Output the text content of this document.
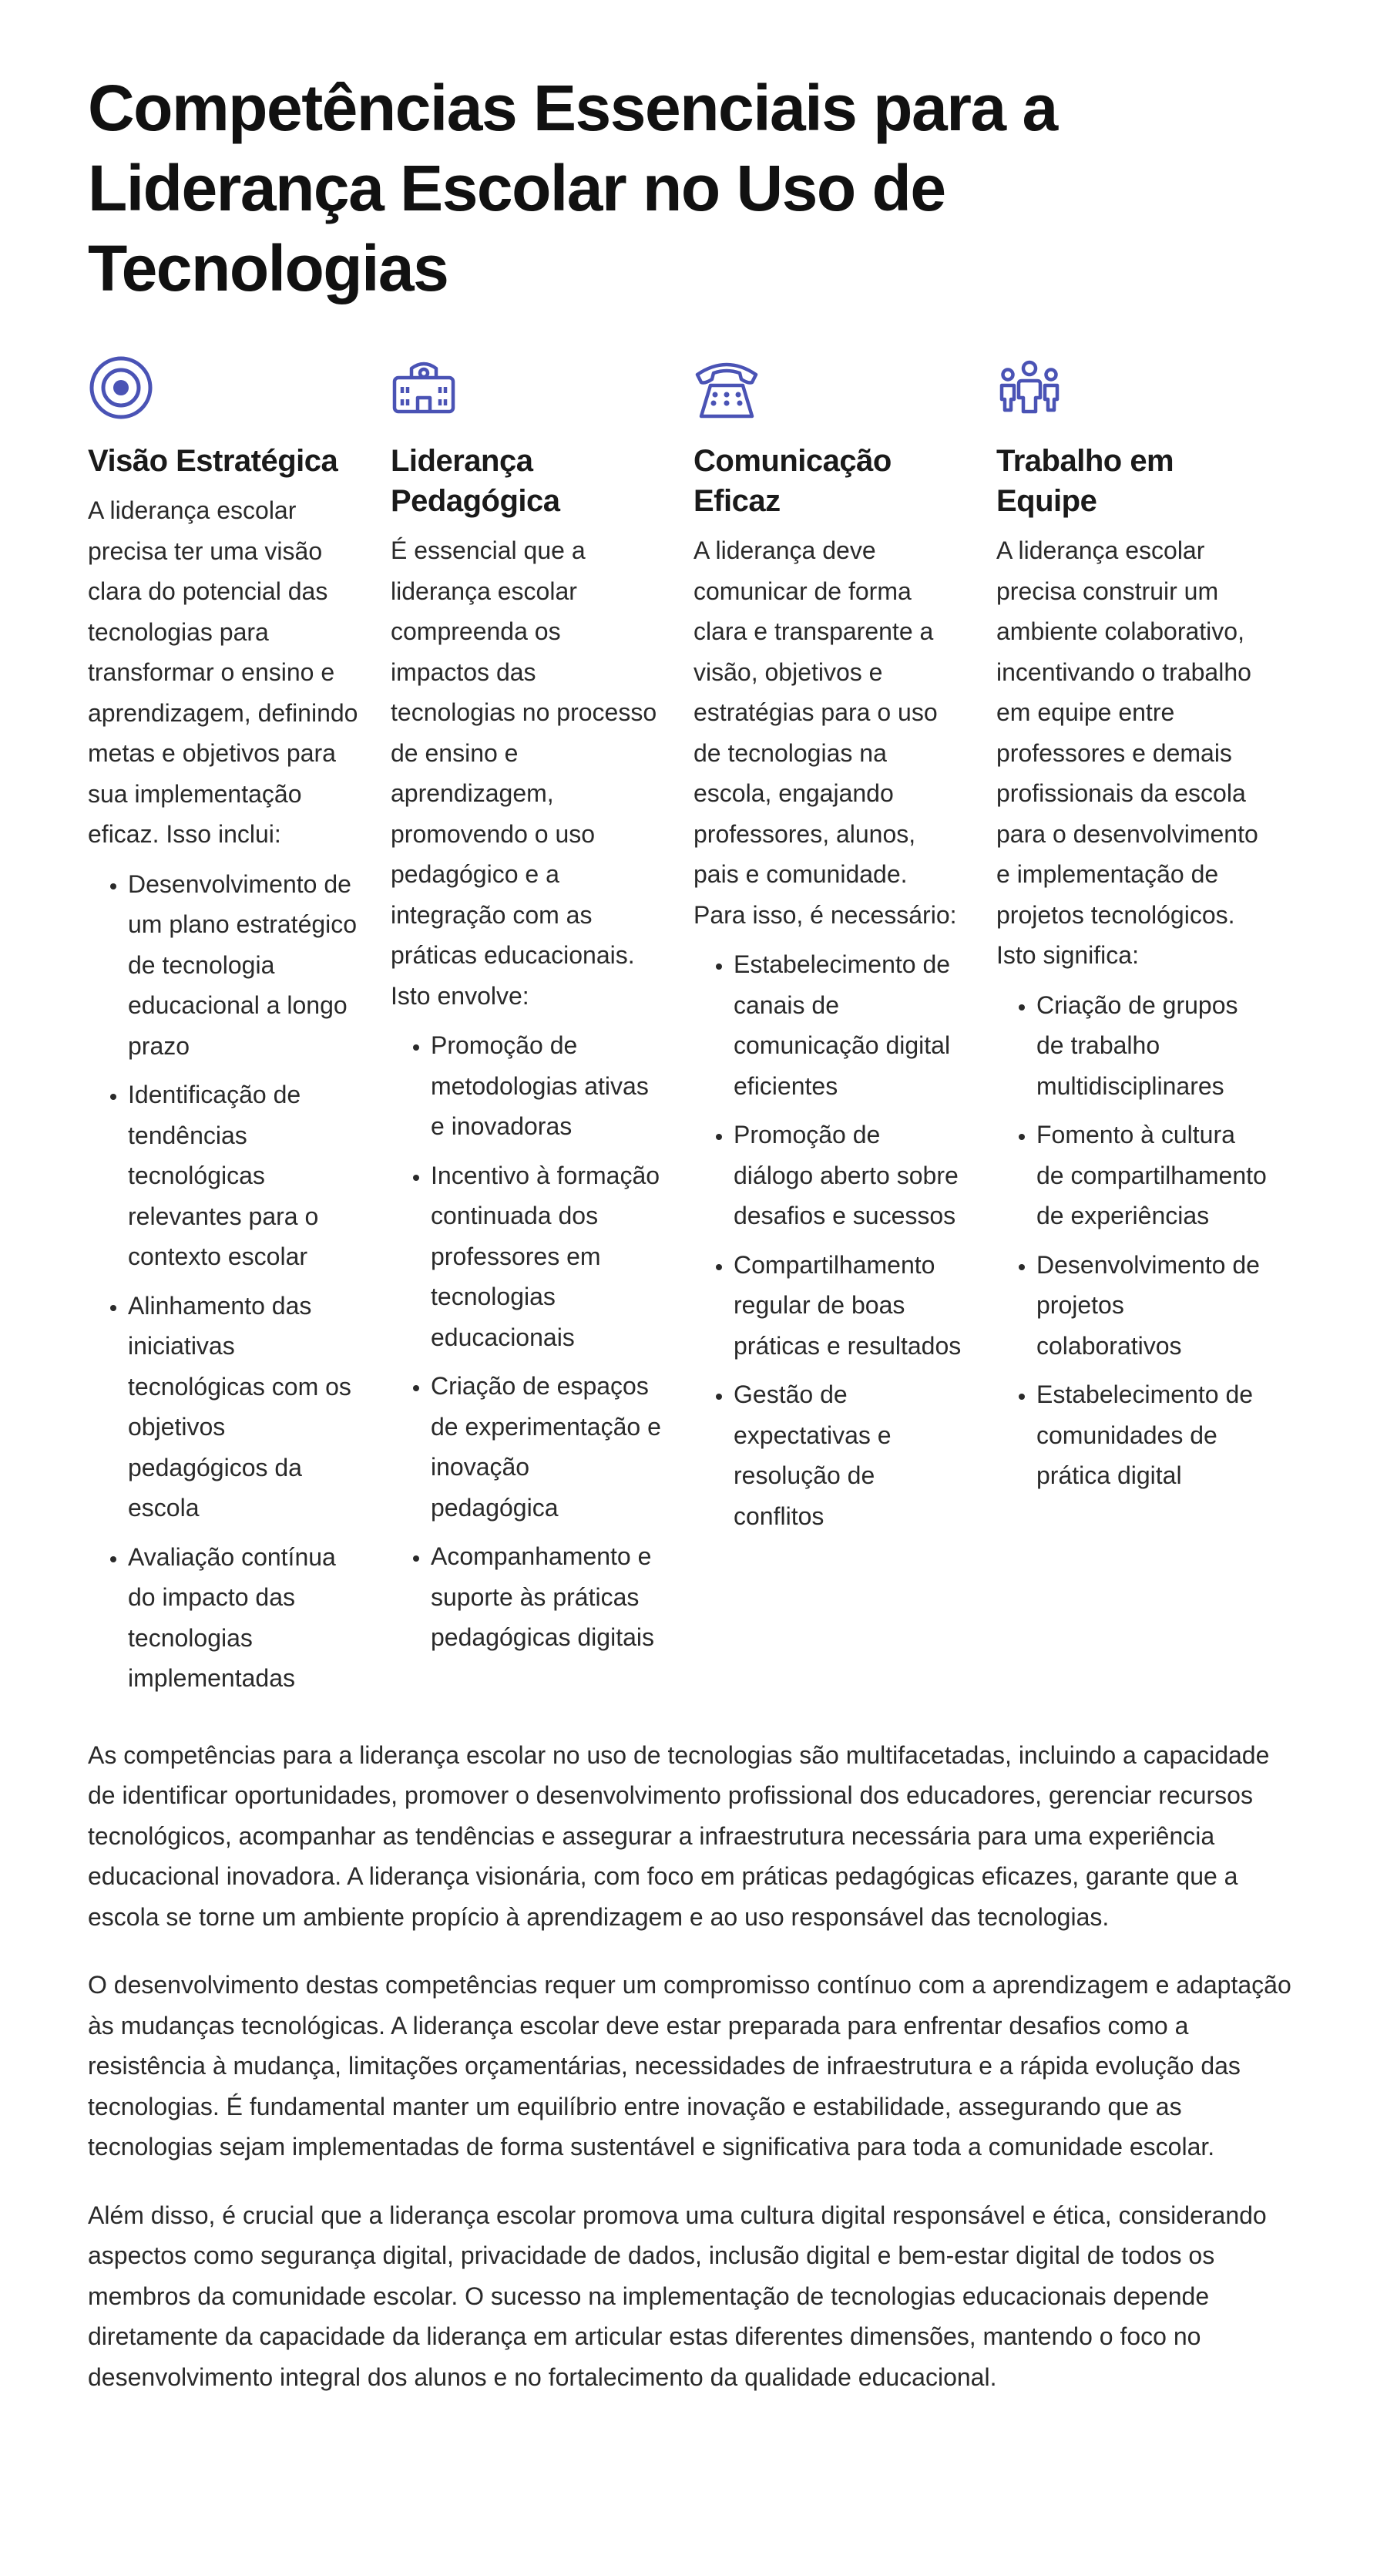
Competências Essenciais para a Liderança Escolar no Uso de Tecnologias
Visão Estratégica

A liderança escolar precisa ter uma visão clara do potencial das tecnologias para transformar o ensino e aprendizagem, definindo metas e objetivos para sua implementação eficaz. Isso inclui:

• Desenvolvimento de um plano estratégico de tecnologia educacional a longo prazo
• Identificação de tendências tecnológicas relevantes para o contexto escolar
• Alinhamento das iniciativas tecnológicas com os objetivos pedagógicos da escola
• Avaliação contínua do impacto das tecnologias implementadas
Liderança Pedagógica

É essencial que a liderança escolar compreenda os impactos das tecnologias no processo de ensino e aprendizagem, promovendo o uso pedagógico e a integração com as práticas educacionais. Isto envolve:

• Promoção de metodologias ativas e inovadoras
• Incentivo à formação continuada dos professores em tecnologias educacionais
• Criação de espaços de experimentação e inovação pedagógica
• Acompanhamento e suporte às práticas pedagógicas digitais
Comunicação Eficaz

A liderança deve comunicar de forma clara e transparente a visão, objetivos e estratégias para o uso de tecnologias na escola, engajando professores, alunos, pais e comunidade. Para isso, é necessário:

• Estabelecimento de canais de comunicação digital eficientes
• Promoção de diálogo aberto sobre desafios e sucessos
• Compartilhamento regular de boas práticas e resultados
• Gestão de expectativas e resolução de conflitos
Trabalho em Equipe

A liderança escolar precisa construir um ambiente colaborativo, incentivando o trabalho em equipe entre professores e demais profissionais da escola para o desenvolvimento e implementação de projetos tecnológicos. Isto significa:

• Criação de grupos de trabalho multidisciplinares
• Fomento à cultura de compartilhamento de experiências
• Desenvolvimento de projetos colaborativos
• Estabelecimento de comunidades de prática digital

As competências para a liderança escolar no uso de tecnologias são multifacetadas, incluindo a capacidade de identificar oportunidades, promover o desenvolvimento profissional dos educadores, gerenciar recursos tecnológicos, acompanhar as tendências e assegurar a infraestrutura necessária para uma experiência educacional inovadora. A liderança visionária, com foco em práticas pedagógicas eficazes, garante que a escola se torne um ambiente propício à aprendizagem e ao uso responsável das tecnologias.

O desenvolvimento destas competências requer um compromisso contínuo com a aprendizagem e adaptação às mudanças tecnológicas. A liderança escolar deve estar preparada para enfrentar desafios como a resistência à mudança, limitações orçamentárias, necessidades de infraestrutura e a rápida evolução das tecnologias. É fundamental manter um equilíbrio entre inovação e estabilidade, assegurando que as tecnologias sejam implementadas de forma sustentável e significativa para toda a comunidade escolar.

Além disso, é crucial que a liderança escolar promova uma cultura digital responsável e ética, considerando aspectos como segurança digital, privacidade de dados, inclusão digital e bem-estar digital de todos os membros da comunidade escolar. O sucesso na implementação de tecnologias educacionais depende diretamente da capacidade da liderança em articular estas diferentes dimensões, mantendo o foco no desenvolvimento integral dos alunos e no fortalecimento da qualidade educacional.
